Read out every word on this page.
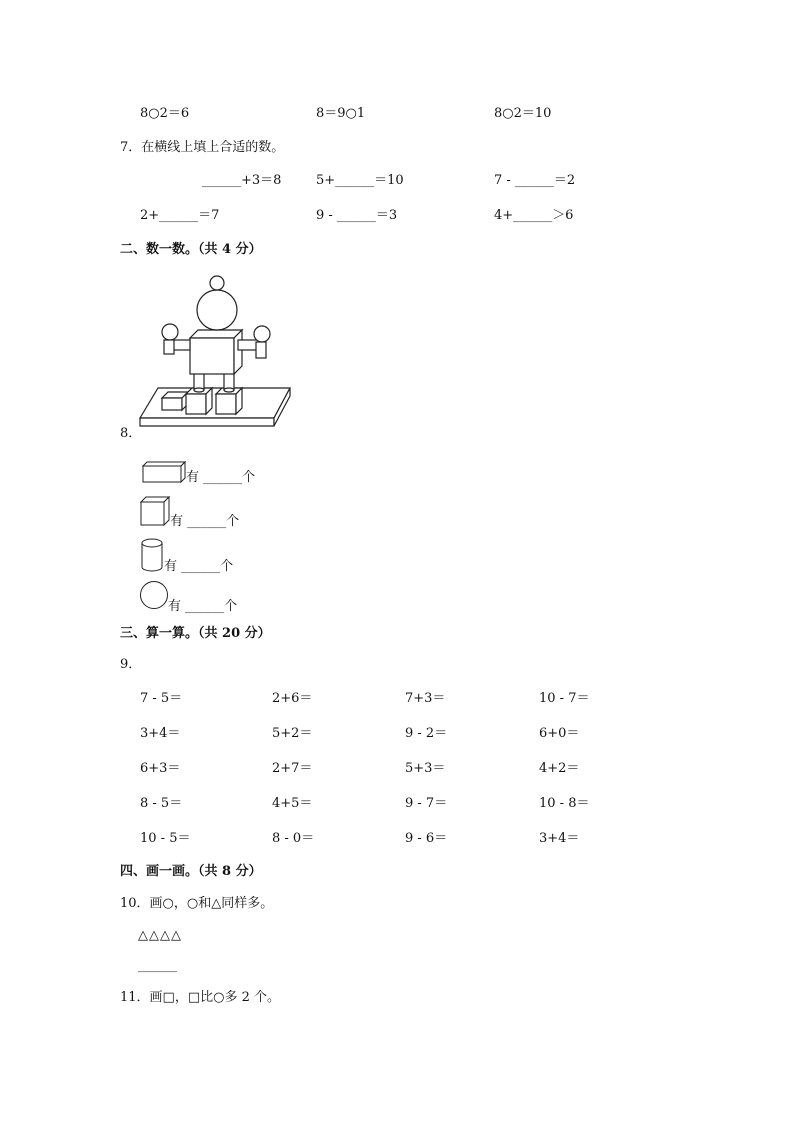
8○2＝6	8＝9○1	8○2＝10
7．在横线上填上合适的数。
______+3＝8	5+______＝10	7 - ______＝2
2+______＝7	9 - ______＝3	4+______＞6
二、数一数。（共 4 分）
8．
有 ______个
有 ______个
有 ______个
有 ______个
三、算一算。（共 20 分）
9．
7 - 5＝	2+6＝	7+3＝	10 - 7＝
3+4＝	5+2＝	9 - 2＝	6+0＝
6+3＝	2+7＝	5+3＝	4+2＝
8 - 5＝	4+5＝	9 - 7＝	10 - 8＝
10 - 5＝	8 - 0＝	9 - 6＝	3+4＝
四、画一画。（共 8 分）
10．画○，○和△同样多。
△△△△
______
11．画□，□比○多 2 个。
